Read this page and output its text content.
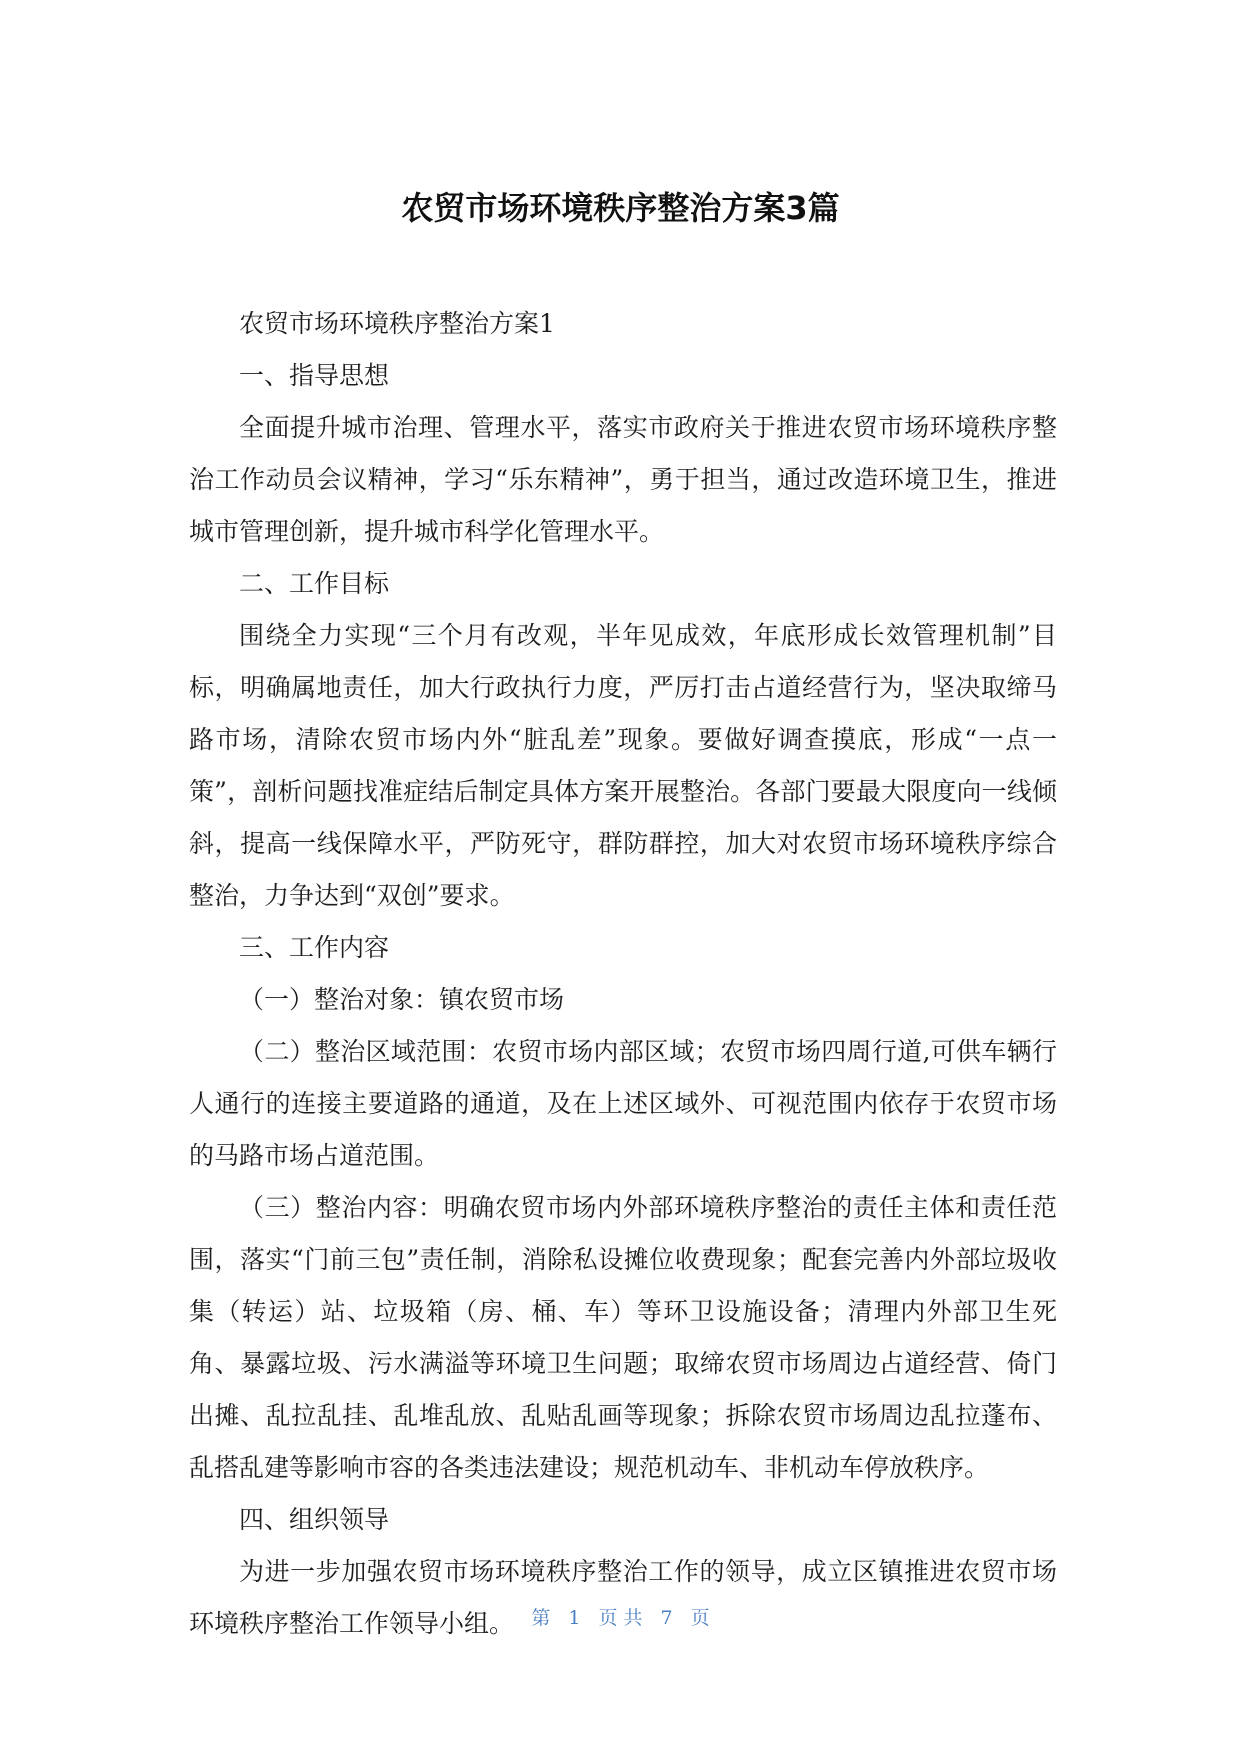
农贸市场环境秩序整治方案3篇

农贸市场环境秩序整治方案1

一、指导思想

全面提升城市治理、管理水平，落实市政府关于推进农贸市场环境秩序整治工作动员会议精神，学习“乐东精神”，勇于担当，通过改造环境卫生，推进城市管理创新，提升城市科学化管理水平。

二、工作目标

围绕全力实现“三个月有改观，半年见成效，年底形成长效管理机制”目标，明确属地责任，加大行政执行力度，严厉打击占道经营行为，坚决取缔马路市场，清除农贸市场内外“脏乱差”现象。要做好调查摸底，形成“一点一策”，剖析问题找准症结后制定具体方案开展整治。各部门要最大限度向一线倾斜，提高一线保障水平，严防死守，群防群控，加大对农贸市场环境秩序综合整治，力争达到“双创”要求。

三、工作内容

（一）整治对象：镇农贸市场

（二）整治区域范围：农贸市场内部区域；农贸市场四周行道,可供车辆行人通行的连接主要道路的通道，及在上述区域外、可视范围内依存于农贸市场的马路市场占道范围。

（三）整治内容：明确农贸市场内外部环境秩序整治的责任主体和责任范围，落实“门前三包”责任制，消除私设摊位收费现象；配套完善内外部垃圾收集（转运）站、垃圾箱（房、桶、车）等环卫设施设备；清理内外部卫生死角、暴露垃圾、污水满溢等环境卫生问题；取缔农贸市场周边占道经营、倚门出摊、乱拉乱挂、乱堆乱放、乱贴乱画等现象；拆除农贸市场周边乱拉蓬布、乱搭乱建等影响市容的各类违法建设；规范机动车、非机动车停放秩序。

四、组织领导

为进一步加强农贸市场环境秩序整治工作的领导，成立区镇推进农贸市场环境秩序整治工作领导小组。 第 1 页 共 7 页
